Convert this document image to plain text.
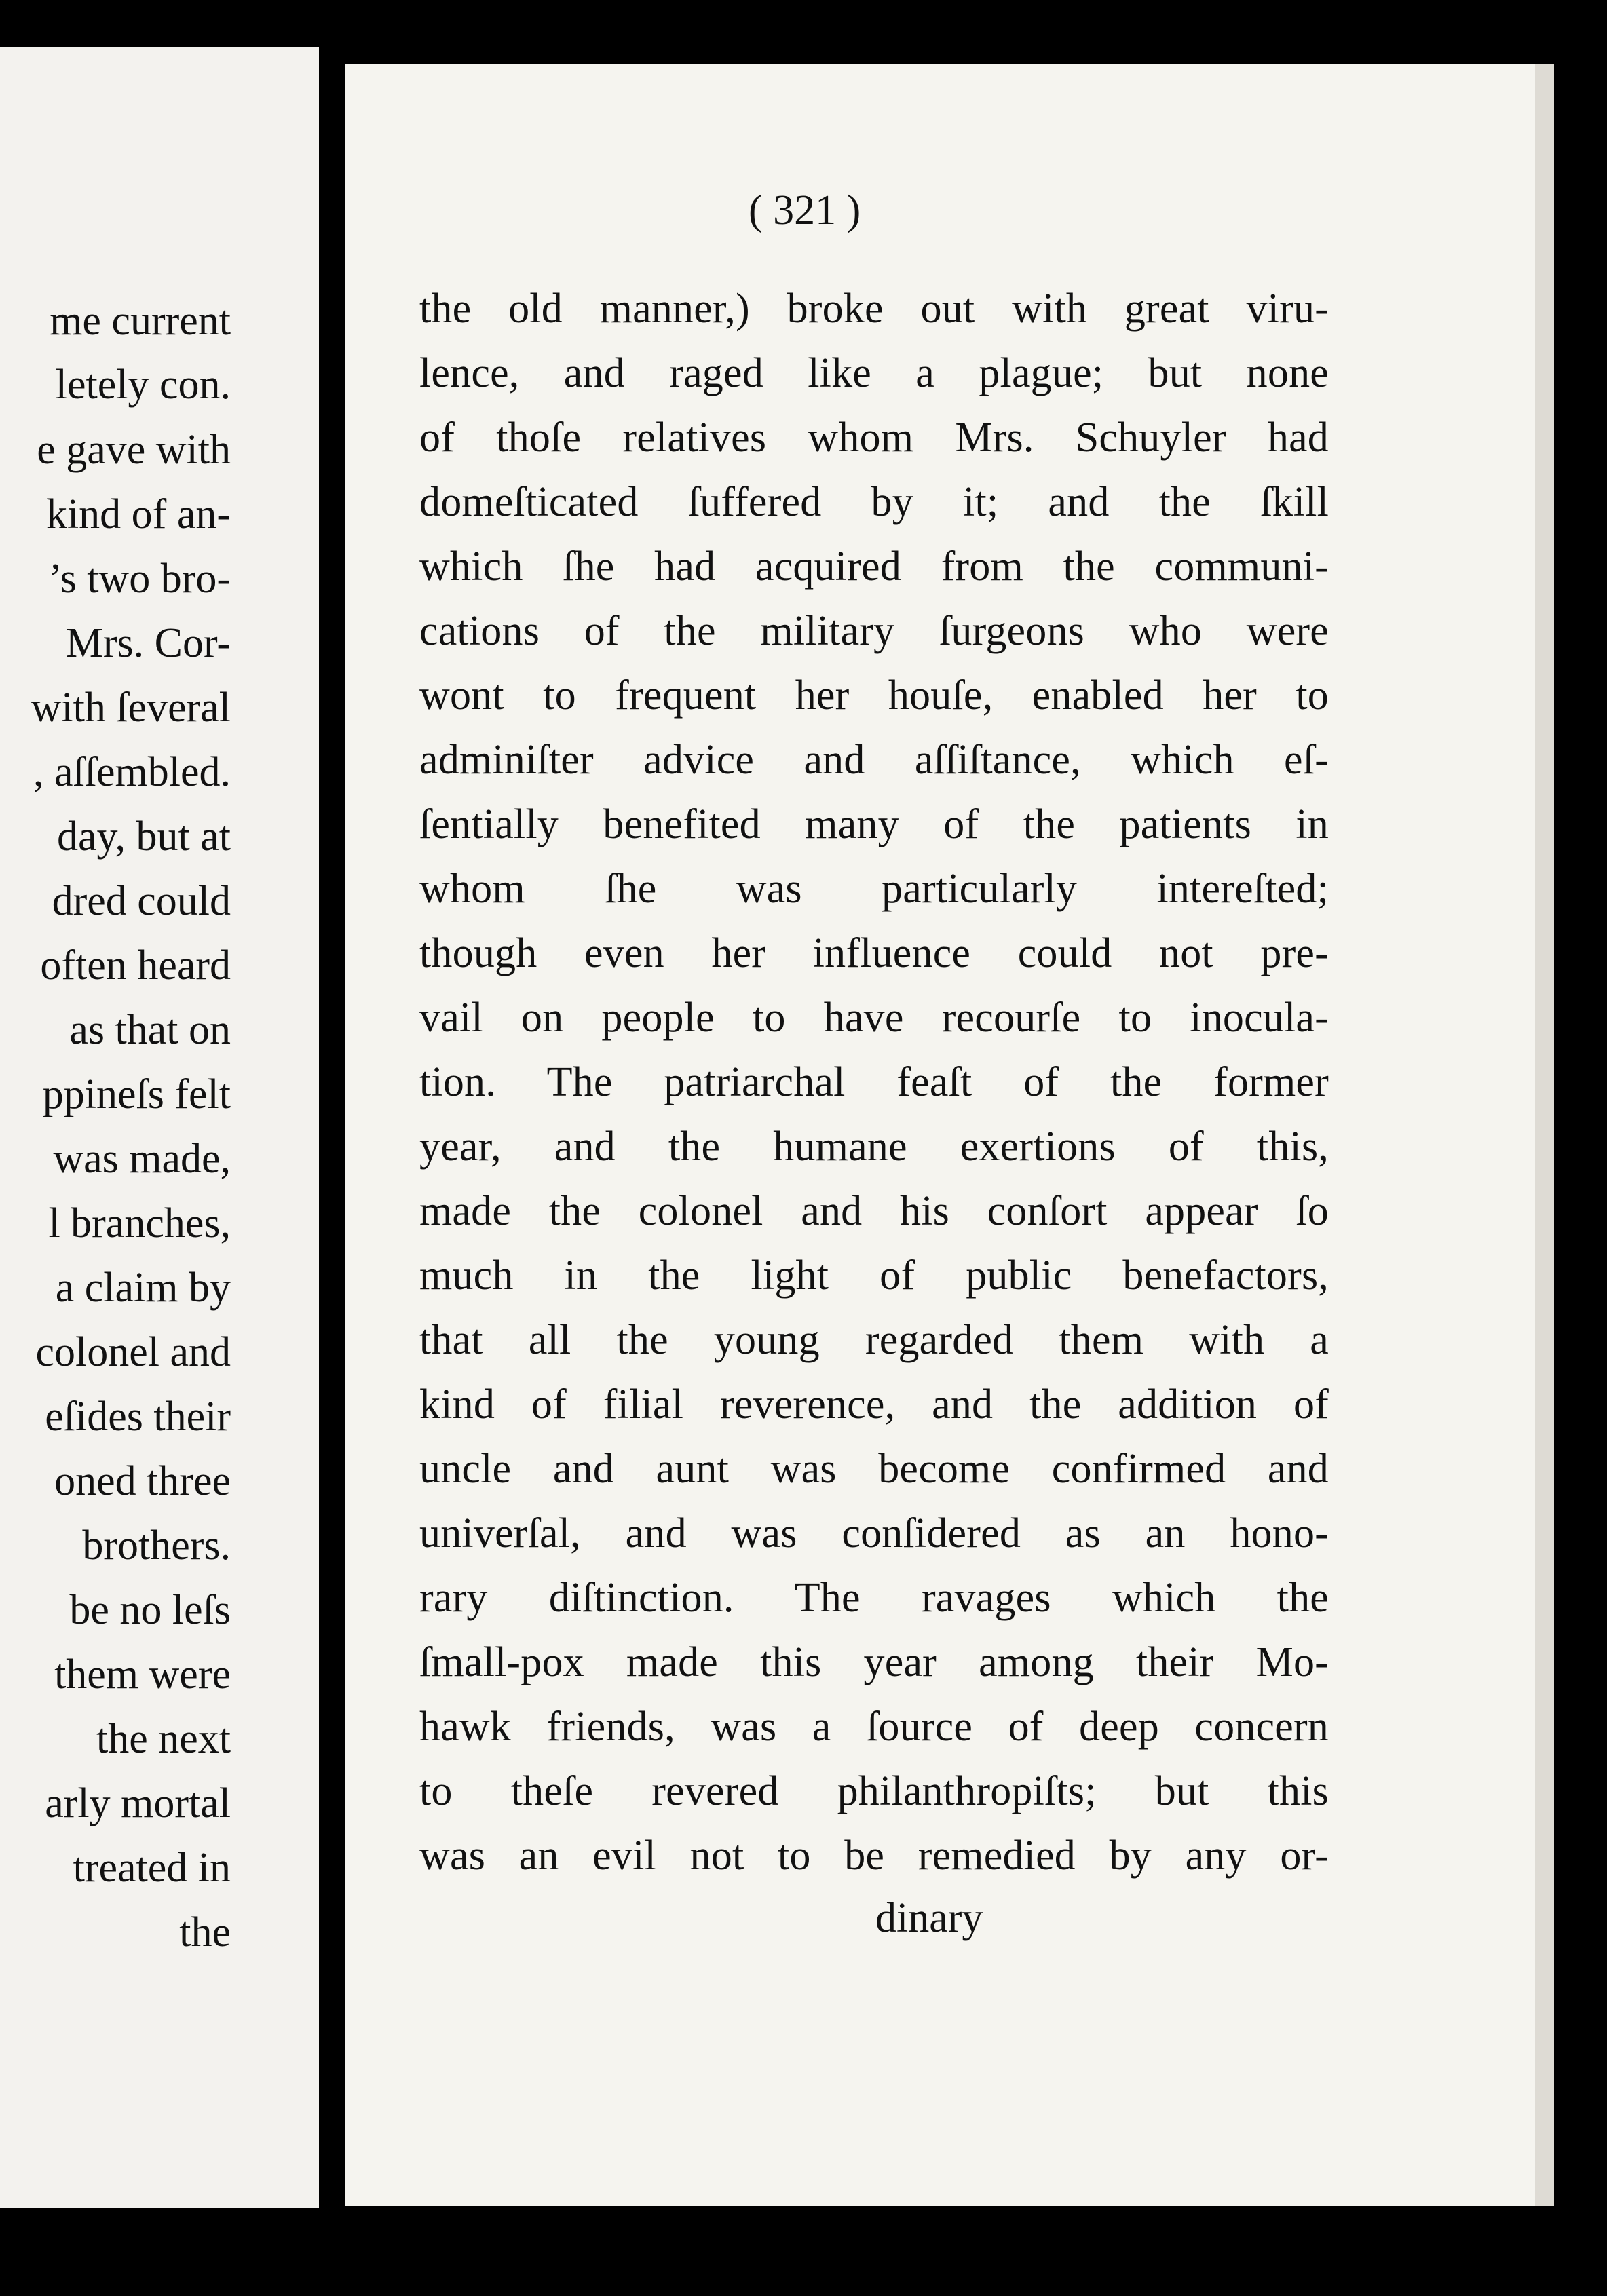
me current

letely con.

e gave with

kind of an-

’s two bro-

Mrs. Cor-

with ſeveral

, aſſembled.

day, but at

dred could

often heard

as that on

ppineſs felt

was made,

l branches,

a claim by

colonel and

eſides their

oned three

brothers.

be no leſs

them were

the next

arly mortal

treated in

the

( 321 )

the old manner,) broke out with great viru-

lence, and raged like a plague; but none

of thoſe relatives whom Mrs. Schuyler had

domeſticated ſuffered by it; and the ſkill

which ſhe had acquired from the communi-

cations of the military ſurgeons who were

wont to frequent her houſe, enabled her to

adminiſter advice and aſſiſtance, which eſ-

ſentially benefited many of the patients in

whom ſhe was particularly intereſted;

though even her influence could not pre-

vail on people to have recourſe to inocula-

tion. The patriarchal feaſt of the former

year, and the humane exertions of this,

made the colonel and his conſort appear ſo

much in the light of public benefactors,

that all the young regarded them with a

kind of filial reverence, and the addition of

uncle and aunt was become confirmed and

univerſal, and was conſidered as an hono-

rary diſtinction. The ravages which the

ſmall-pox made this year among their Mo-

hawk friends, was a ſource of deep concern

to theſe revered philanthropiſts; but this

was an evil not to be remedied by any or-

dinary
